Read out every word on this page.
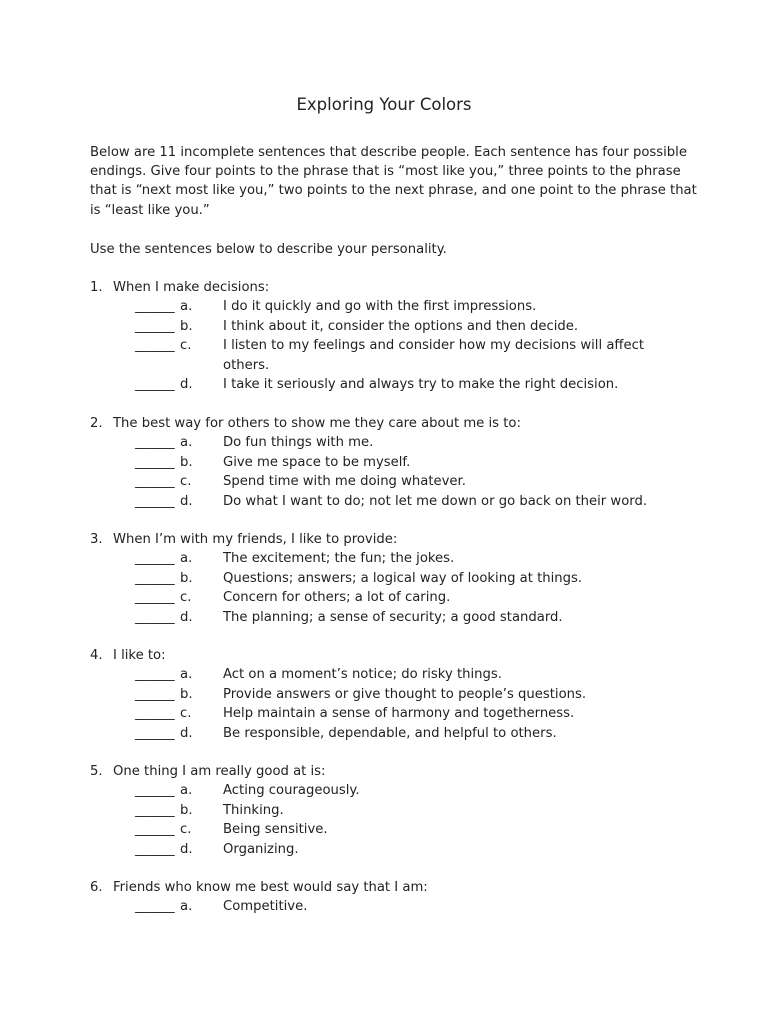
Exploring Your Colors

Below are 11 incomplete sentences that describe people. Each sentence has four possible
endings. Give four points to the phrase that is “most like you,” three points to the phrase
that is “next most like you,” two points to the next phrase, and one point to the phrase that
is “least like you.”

Use the sentences below to describe your personality.
1. When I make decisions:
______ a. I do it quickly and go with the first impressions.
______ b. I think about it, consider the options and then decide.
______ c. I listen to my feelings and consider how my decisions will affect
others.
______ d. I take it seriously and always try to make the right decision.
2. The best way for others to show me they care about me is to:
______ a. Do fun things with me.
______ b. Give me space to be myself.
______ c. Spend time with me doing whatever.
______ d. Do what I want to do; not let me down or go back on their word.
3. When I’m with my friends, I like to provide:
______ a. The excitement; the fun; the jokes.
______ b. Questions; answers; a logical way of looking at things.
______ c. Concern for others; a lot of caring.
______ d. The planning; a sense of security; a good standard.
4. I like to:
______ a. Act on a moment’s notice; do risky things.
______ b. Provide answers or give thought to people’s questions.
______ c. Help maintain a sense of harmony and togetherness.
______ d. Be responsible, dependable, and helpful to others.
5. One thing I am really good at is:
______ a. Acting courageously.
______ b. Thinking.
______ c. Being sensitive.
______ d. Organizing.
6. Friends who know me best would say that I am:
______ a. Competitive.
